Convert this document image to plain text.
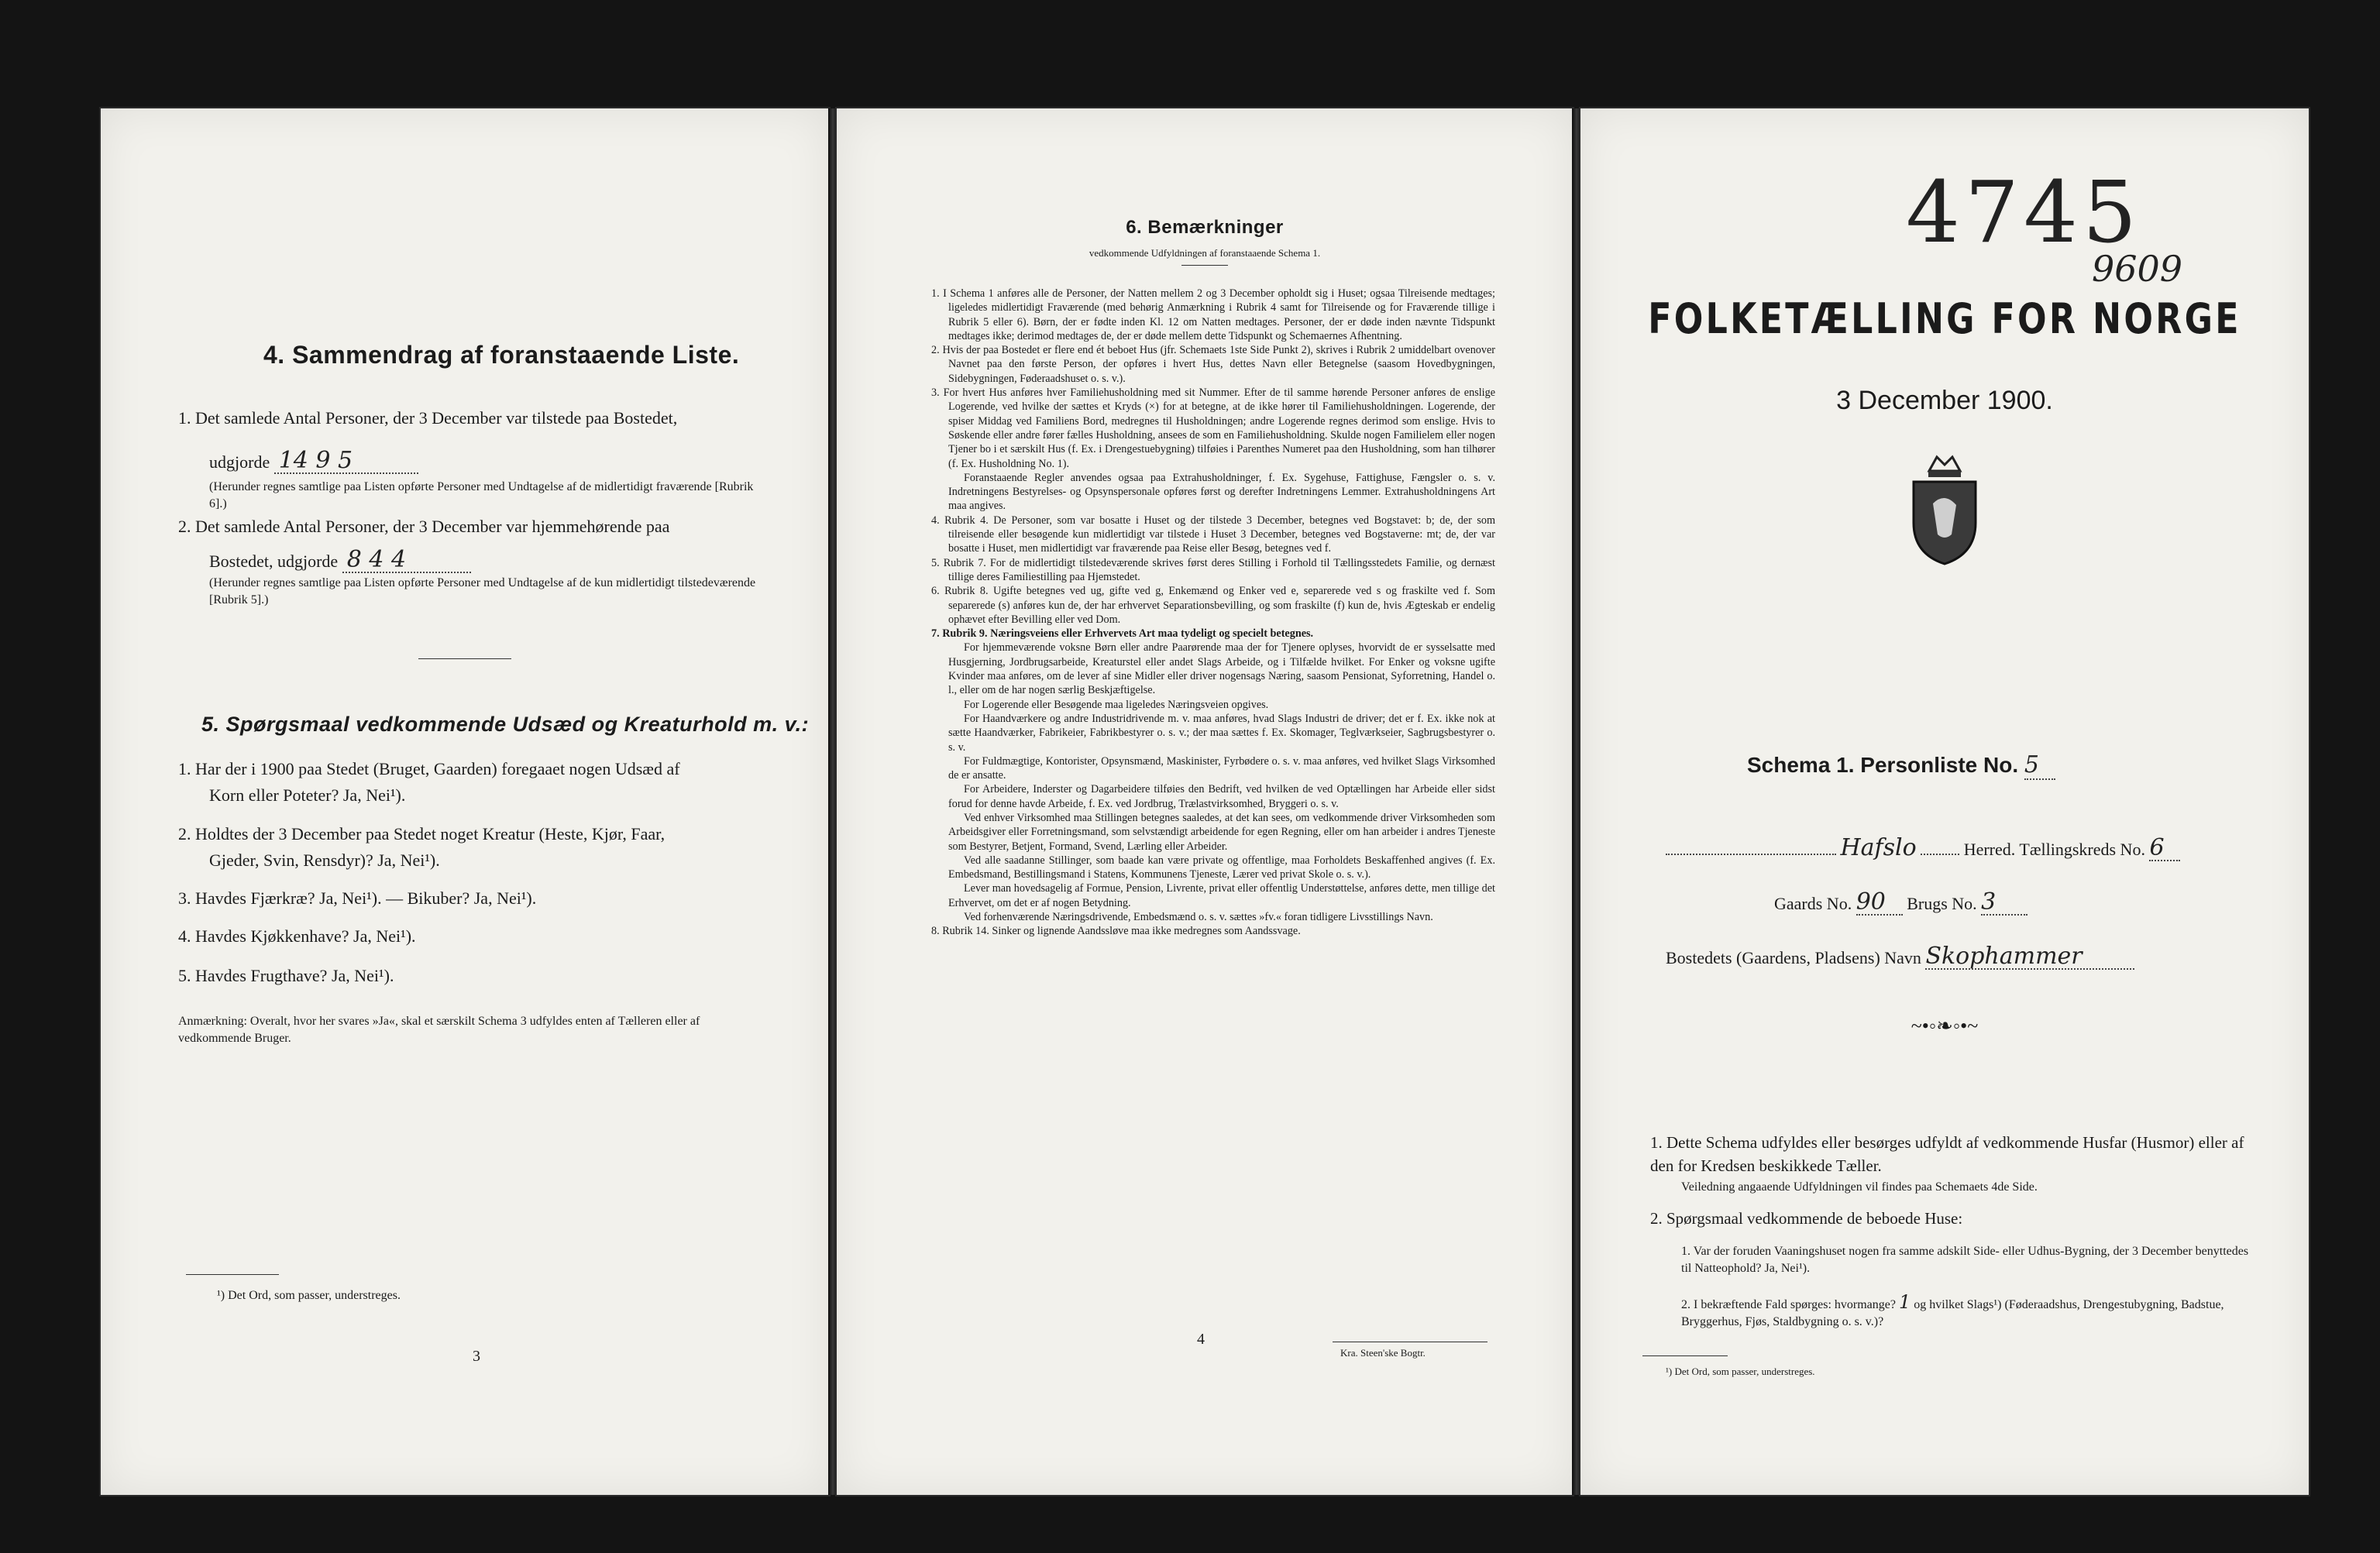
4. Sammendrag af foranstaaende Liste.
1. Det samlede Antal Personer, der 3 December var tilstede paa Bostedet,
udgjorde 14 9 5
(Herunder regnes samtlige paa Listen opførte Personer med Undtagelse af de midlertidigt fraværende [Rubrik 6].)
2. Det samlede Antal Personer, der 3 December var hjemmehørende paa
Bostedet, udgjorde 8 4 4
(Herunder regnes samtlige paa Listen opførte Personer med Undtagelse af de kun midlertidigt tilstedeværende [Rubrik 5].)
5. Spørgsmaal vedkommende Udsæd og Kreaturhold m. v.:
1. Har der i 1900 paa Stedet (Bruget, Gaarden) foregaaet nogen Udsæd af
Korn eller Poteter? Ja, Nei¹).
2. Holdtes der 3 December paa Stedet noget Kreatur (Heste, Kjør, Faar,
Gjeder, Svin, Rensdyr)? Ja, Nei¹).
3. Havdes Fjærkræ? Ja, Nei¹). — Bikuber? Ja, Nei¹).
4. Havdes Kjøkkenhave? Ja, Nei¹).
5. Havdes Frugthave? Ja, Nei¹).
Anmærkning: Overalt, hvor her svares »Ja«, skal et særskilt Schema 3 udfyldes enten af Tælleren eller af vedkommende Bruger.
¹) Det Ord, som passer, understreges.
3
6. Bemærkninger
vedkommende Udfyldningen af foranstaaende Schema 1.

1. I Schema 1 anføres alle de Personer, der Natten mellem 2 og 3 December opholdt sig i Huset; ogsaa Tilreisende medtages; ligeledes midlertidigt Fraværende (med behørig Anmærkning i Rubrik 4 samt for Tilreisende og for Fraværende tillige i Rubrik 5 eller 6). Børn, der er fødte inden Kl. 12 om Natten medtages. Personer, der er døde inden nævnte Tidspunkt medtages ikke; derimod medtages de, der er døde mellem dette Tidspunkt og Schemaernes Afhentning.

2. Hvis der paa Bostedet er flere end ét beboet Hus (jfr. Schemaets 1ste Side Punkt 2), skrives i Rubrik 2 umiddelbart ovenover Navnet paa den første Person, der opføres i hvert Hus, dettes Navn eller Betegnelse (saasom Hovedbygningen, Sidebygningen, Føderaadshuset o. s. v.).

3. For hvert Hus anføres hver Familiehusholdning med sit Nummer. Efter de til samme hørende Personer anføres de enslige Logerende, ved hvilke der sættes et Kryds (×) for at betegne, at de ikke hører til Familiehusholdningen. Logerende, der spiser Middag ved Familiens Bord, medregnes til Husholdningen; andre Logerende regnes derimod som enslige. Hvis to Søskende eller andre fører fælles Husholdning, ansees de som en Familiehusholdning. Skulde nogen Familielem eller nogen Tjener bo i et særskilt Hus (f. Ex. i Drengestuebygning) tilføies i Parenthes Numeret paa den Husholdning, som han tilhører (f. Ex. Husholdning No. 1).

Foranstaaende Regler anvendes ogsaa paa Extrahusholdninger, f. Ex. Sygehuse, Fattighuse, Fængsler o. s. v. Indretningens Bestyrelses- og Opsynspersonale opføres først og derefter Indretningens Lemmer. Extrahusholdningens Art maa angives.

4. Rubrik 4. De Personer, som var bosatte i Huset og der tilstede 3 December, betegnes ved Bogstavet: b; de, der som tilreisende eller besøgende kun midlertidigt var tilstede i Huset 3 December, betegnes ved Bogstaverne: mt; de, der var bosatte i Huset, men midlertidigt var fraværende paa Reise eller Besøg, betegnes ved f.

5. Rubrik 7. For de midlertidigt tilstedeværende skrives først deres Stilling i Forhold til Tællingsstedets Familie, og dernæst tillige deres Familiestilling paa Hjemstedet.

6. Rubrik 8. Ugifte betegnes ved ug, gifte ved g, Enkemænd og Enker ved e, separerede ved s og fraskilte ved f. Som separerede (s) anføres kun de, der har erhvervet Separationsbevilling, og som fraskilte (f) kun de, hvis Ægteskab er endelig ophævet efter Bevilling eller ved Dom.

7. Rubrik 9. Næringsveiens eller Erhvervets Art maa tydeligt og specielt betegnes.

For hjemmeværende voksne Børn eller andre Paarørende maa der for Tjenere oplyses, hvorvidt de er sysselsatte med Husgjerning, Jordbrugsarbeide, Kreaturstel eller andet Slags Arbeide, og i Tilfælde hvilket. For Enker og voksne ugifte Kvinder maa anføres, om de lever af sine Midler eller driver nogensags Næring, saasom Pensionat, Syforretning, Handel o. l., eller om de har nogen særlig Beskjæftigelse.

For Logerende eller Besøgende maa ligeledes Næringsveien opgives.

For Haandværkere og andre Industridrivende m. v. maa anføres, hvad Slags Industri de driver; det er f. Ex. ikke nok at sætte Haandværker, Fabrikeier, Fabrikbestyrer o. s. v.; der maa sættes f. Ex. Skomager, Teglværkseier, Sagbrugsbestyrer o. s. v.

For Fuldmægtige, Kontorister, Opsynsmænd, Maskinister, Fyrbødere o. s. v. maa anføres, ved hvilket Slags Virksomhed de er ansatte.

For Arbeidere, Inderster og Dagarbeidere tilføies den Bedrift, ved hvilken de ved Optællingen har Arbeide eller sidst forud for denne havde Arbeide, f. Ex. ved Jordbrug, Trælastvirksomhed, Bryggeri o. s. v.

Ved enhver Virksomhed maa Stillingen betegnes saaledes, at det kan sees, om vedkommende driver Virksomheden som Arbeidsgiver eller Forretningsmand, som selvstændigt arbeidende for egen Regning, eller om han arbeider i andres Tjeneste som Bestyrer, Betjent, Formand, Svend, Lærling eller Arbeider.

Ved alle saadanne Stillinger, som baade kan være private og offentlige, maa Forholdets Beskaffenhed angives (f. Ex. Embedsmand, Bestillingsmand i Statens, Kommunens Tjeneste, Lærer ved privat Skole o. s. v.).

Lever man hovedsagelig af Formue, Pension, Livrente, privat eller offentlig Understøttelse, anføres dette, men tillige det Erhvervet, om det er af nogen Betydning.

Ved forhenværende Næringsdrivende, Embedsmænd o. s. v. sættes »fv.« foran tidligere Livsstillings Navn.

8. Rubrik 14. Sinker og lignende Aandssløve maa ikke medregnes som Aandssvage.

4
Kra. Steen'ske Bogtr.
4745
9609
FOLKETÆLLING FOR NORGE
3 December 1900.
Schema 1. Personliste No. 5
Hafslo	Herred. Tællingskreds No. 6
Gaards No. 90 Brugs No. 3
Bostedets (Gaardens, Pladsens) Navn Skophammer
~•◦❧◦•~
1. Dette Schema udfyldes eller besørges udfyldt af vedkommende Husfar (Husmor) eller af den for Kredsen beskikkede Tæller.
Veiledning angaaende Udfyldningen vil findes paa Schemaets 4de Side.
2. Spørgsmaal vedkommende de beboede Huse:
1. Var der foruden Vaaningshuset nogen fra samme adskilt Side- eller Udhus-Bygning, der 3 December benyttedes til Natteophold? Ja, Nei¹).
2. I bekræftende Fald spørges: hvormange? 1 og hvilket Slags¹) (Føderaadshus, Drengestubygning, Badstue, Bryggerhus, Fjøs, Staldbygning o. s. v.)?
¹) Det Ord, som passer, understreges.
